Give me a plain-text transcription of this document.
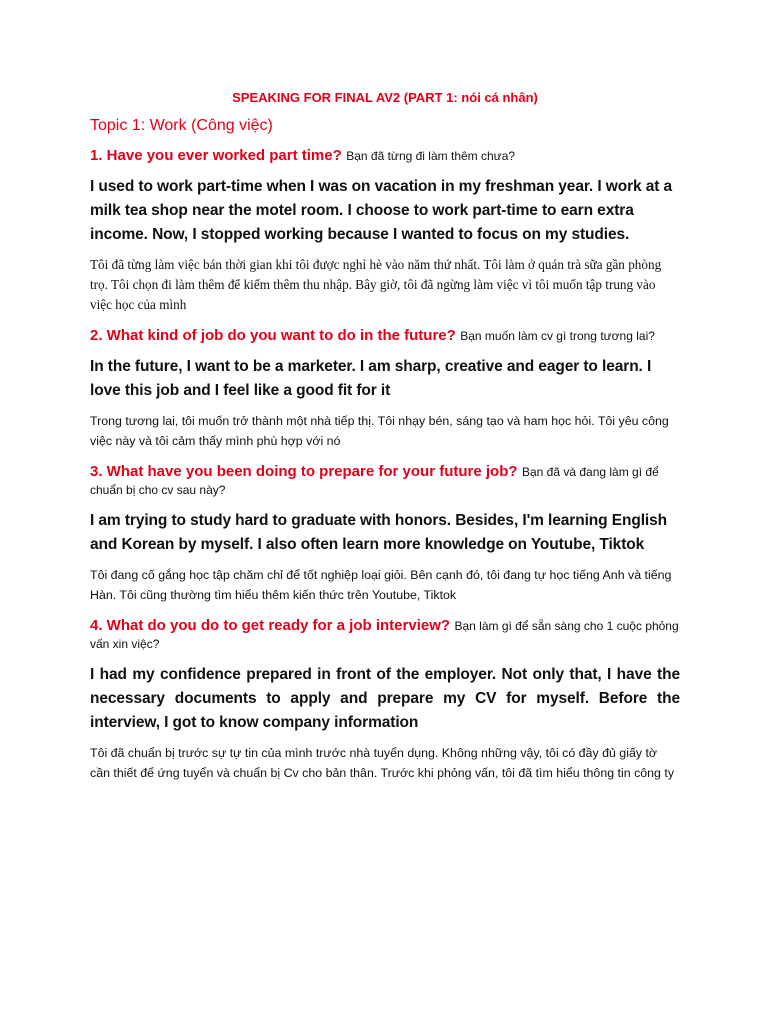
SPEAKING FOR FINAL AV2 (PART 1: nói cá nhân)

Topic 1: Work (Công việc)

1. Have you ever worked part time? Bạn đã từng đi làm thêm chưa?

I used to work part-time when I was on vacation in my freshman year. I work at a milk tea shop near the motel room. I choose to work part-time to earn extra income. Now, I stopped working because I wanted to focus on my studies.

Tôi đã từng làm việc bán thời gian khi tôi được nghỉ hè vào năm thứ nhất. Tôi làm ở quán trà sữa gần phòng trọ. Tôi chọn đi làm thêm để kiếm thêm thu nhập. Bây giờ, tôi đã ngừng làm việc vì tôi muốn tập trung vào việc học của mình

2. What kind of job do you want to do in the future? Bạn muốn làm cv gì trong tương lai?

In the future, I want to be a marketer. I am sharp, creative and eager to learn. I love this job and I feel like a good fit for it

Trong tương lai, tôi muốn trở thành một nhà tiếp thị. Tôi nhạy bén, sáng tạo và ham học hỏi. Tôi yêu công việc này và tôi cảm thấy mình phù hợp với nó

3. What have you been doing to prepare for your future job? Bạn đã và đang làm gì để chuẩn bị cho cv sau này?

I am trying to study hard to graduate with honors. Besides, I'm learning English and Korean by myself. I also often learn more knowledge on Youtube, Tiktok

Tôi đang cố gắng học tập chăm chỉ để tốt nghiệp loại giỏi. Bên cạnh đó, tôi đang tự học tiếng Anh và tiếng Hàn. Tôi cũng thường tìm hiểu thêm kiến thức trên Youtube, Tiktok

4. What do you do to get ready for a job interview? Bạn làm gì để sẵn sàng cho 1 cuộc phỏng vấn xin việc?

I had my confidence prepared in front of the employer. Not only that, I have the necessary documents to apply and prepare my CV for myself. Before the interview, I got to know company information

Tôi đã chuẩn bị trước sự tự tin của mình trước nhà tuyển dụng. Không những vậy, tôi có đầy đủ giấy tờ cần thiết để ứng tuyển và chuẩn bị Cv cho bản thân. Trước khi phỏng vấn, tôi đã tìm hiểu thông tin công ty
